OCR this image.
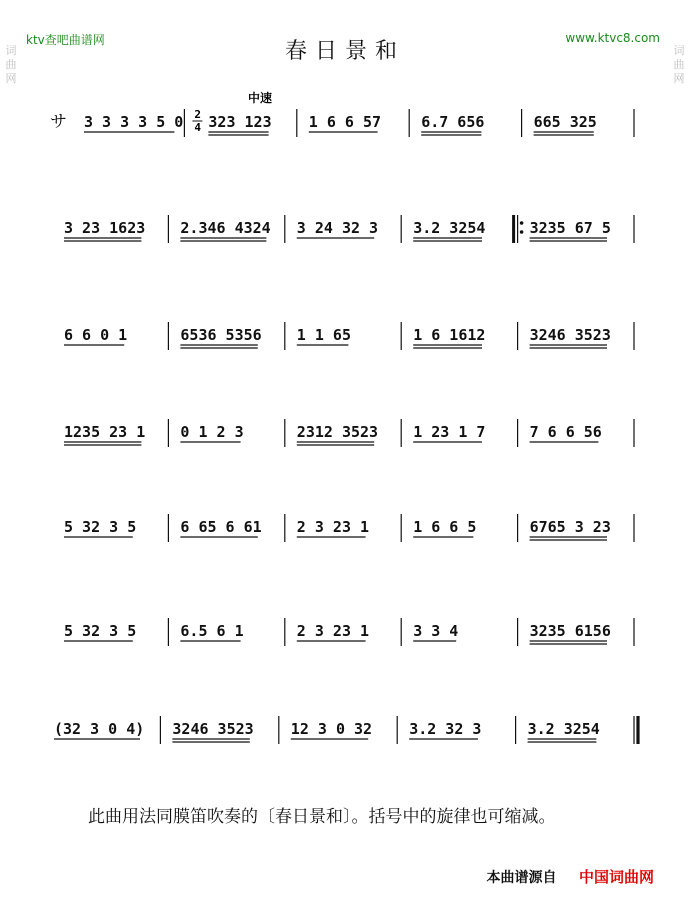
词
曲
网
词
曲
网
ktv查吧曲谱网	www.ktvc8.com
春日景和
サ
中速
3 3 3 3 5 0 2
4 323 123 1 6 6 57	6.7 656	665 325
3 23 1623 2.346 4324 3 24 32 3 3.2 3254	3235 67 5
6 6 0 1	6536 5356 1 1 65	1 6 1612	3246 3523
1235 23 1 0 1 2 3	2312 3523 1 23 1 7	7 6 6 56
5 32 3 5	6 65 6 61 2 3 23 1	1 6 6 5	6765 3 23
5 32 3 5	6.5 6 1	2 3 23 1	3 3 4	3235 6156
(32 3 0 4) 3246 3523 12 3 0 32 3.2 32 3	3.2 3254
此曲用法同膜笛吹奏的〔春日景和〕。括号中的旋律也可缩减。
本曲谱源自 中国词曲网
